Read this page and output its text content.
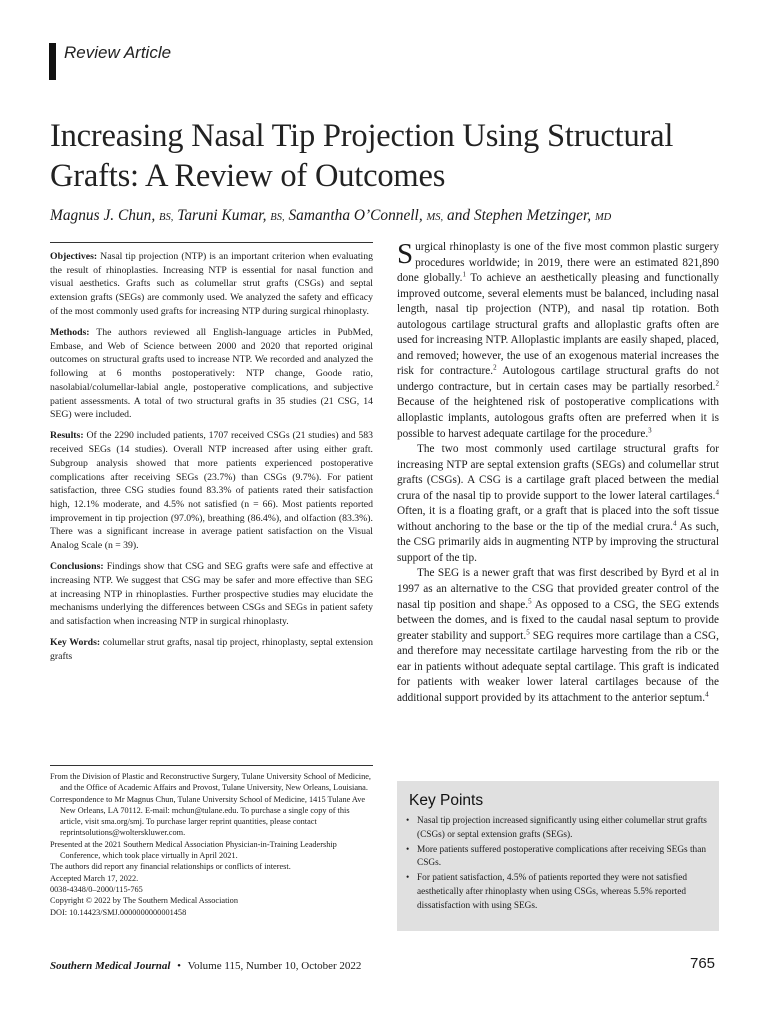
Review Article
Increasing Nasal Tip Projection Using Structural Grafts: A Review of Outcomes
Magnus J. Chun, BS, Taruni Kumar, BS, Samantha O’Connell, MS, and Stephen Metzinger, MD

Objectives: Nasal tip projection (NTP) is an important criterion when evaluating the result of rhinoplasties. Increasing NTP is essential for nasal function and visual aesthetics. Grafts such as columellar strut grafts (CSGs) and septal extension grafts (SEGs) are commonly used. We analyzed the safety and efficacy of the most commonly used grafts for increasing NTP during surgical rhinoplasty.

Methods: The authors reviewed all English-language articles in PubMed, Embase, and Web of Science between 2000 and 2020 that reported original outcomes on structural grafts used to increase NTP. We recorded and analyzed the following at 6 months postoperatively: NTP change, Goode ratio, nasolabial/columellar-labial angle, postoperative complications, and subjective patient assessments. A total of two structural grafts in 35 studies (21 CSG, 14 SEG) were included.

Results: Of the 2290 included patients, 1707 received CSGs (21 studies) and 583 received SEGs (14 studies). Overall NTP increased after using either graft. Subgroup analysis showed that more patients experienced postoperative complications after receiving SEGs (23.7%) than CSGs (9.7%). For patient satisfaction, three CSG studies found 83.3% of patients rated their satisfaction high, 12.1% moderate, and 4.5% not satisfied (n = 66). Most patients reported improvement in tip projection (97.0%), breathing (86.4%), and olfaction (83.3%). There was a significant increase in average patient satisfaction on the Visual Analog Scale (n = 39).

Conclusions: Findings show that CSG and SEG grafts were safe and effective at increasing NTP. We suggest that CSG may be safer and more effective than SEG at increasing NTP in rhinoplasties. Further prospective studies may elucidate the mechanisms underlying the differences between CSGs and SEGs in patient safety and satisfaction when increasing NTP in surgical rhinoplasty.

Key Words: columellar strut grafts, nasal tip project, rhinoplasty, septal extension grafts

From the Division of Plastic and Reconstructive Surgery, Tulane University School of Medicine, and the Office of Academic Affairs and Provost, Tulane University, New Orleans, Louisiana.
Correspondence to Mr Magnus Chun, Tulane University School of Medicine, 1415 Tulane Ave New Orleans, LA 70112. E-mail: mchun@tulane.edu. To purchase a single copy of this article, visit sma.org/smj. To purchase larger reprint quantities, please contact reprintsolutions@wolterskluwer.com.
Presented at the 2021 Southern Medical Association Physician-in-Training Leadership Conference, which took place virtually in April 2021.
The authors did report any financial relationships or conflicts of interest.
Accepted March 17, 2022.
0038-4348/0–2000/115-765
Copyright © 2022 by The Southern Medical Association
DOI: 10.14423/SMJ.0000000000001458

Surgical rhinoplasty is one of the five most common plastic surgery procedures worldwide; in 2019, there were an estimated 821,890 done globally.$^1$ To achieve an aesthetically pleasing and functionally improved outcome, several elements must be balanced, including nasal length, nasal tip projection (NTP), and nasal tip rotation. Both autologous cartilage structural grafts and alloplastic grafts often are used for increasing NTP. Alloplastic implants are easily shaped, placed, and removed; however, the use of an exogenous material increases the risk for contracture.$^2$ Autologous cartilage structural grafts do not undergo contracture, but in certain cases may be partially resorbed.$^2$ Because of the heightened risk of postoperative complications with alloplastic implants, autologous grafts often are preferred when it is possible to harvest adequate cartilage for the procedure.$^3$

The two most commonly used cartilage structural grafts for increasing NTP are septal extension grafts (SEGs) and columellar strut grafts (CSGs). A CSG is a cartilage graft placed between the medial crura of the nasal tip to provide support to the lower lateral cartilages.$^4$ Often, it is a floating graft, or a graft that is placed into the soft tissue without anchoring to the base or the tip of the medial crura.$^4$ As such, the CSG primarily aids in augmenting NTP by improving the structural support of the tip.

The SEG is a newer graft that was first described by Byrd et al in 1997 as an alternative to the CSG that provided greater control of the nasal tip position and shape.$^5$ As opposed to a CSG, the SEG extends between the domes, and is fixed to the caudal nasal septum to provide greater stability and support.$^5$ SEG requires more cartilage than a CSG, and therefore may necessitate cartilage harvesting from the rib or the ear in patients without adequate septal cartilage. This graft is indicated for patients with weaker lower lateral cartilages because of the additional support provided by its attachment to the anterior septum.$^4$

Key Points
• Nasal tip projection increased significantly using either columellar strut grafts (CSGs) or septal extension grafts (SEGs).
• More patients suffered postoperative complications after receiving SEGs than CSGs.
• For patient satisfaction, 4.5% of patients reported they were not satisfied aesthetically after rhinoplasty when using CSGs, whereas 5.5% reported dissatisfaction with using SEGs.
Southern Medical Journal • Volume 115, Number 10, October 2022	765
